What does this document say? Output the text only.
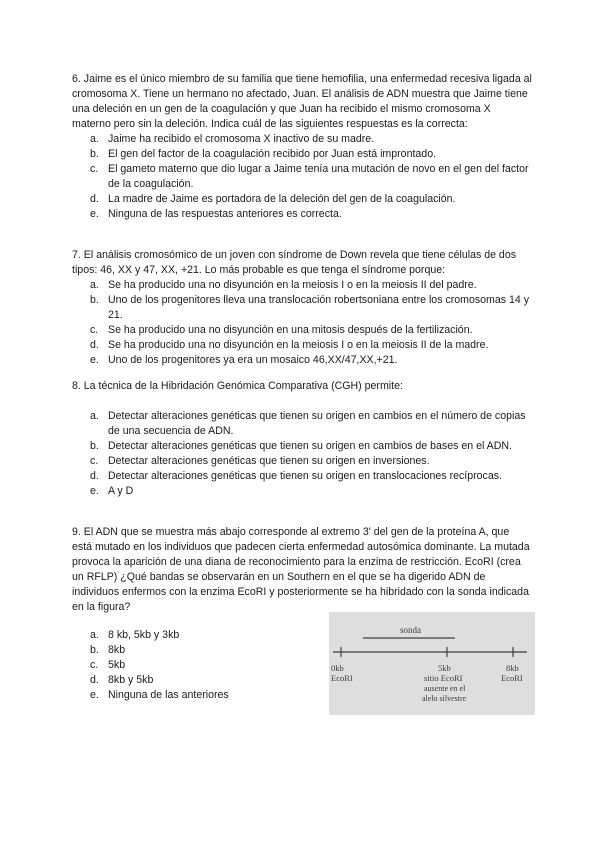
6. Jaime es el único miembro de su familia que tiene hemofilia, una enfermedad recesiva ligada al cromosoma X. Tiene un hermano no afectado, Juan. El análisis de ADN muestra que Jaime tiene una deleción en un gen de la coagulación y que Juan ha recibido el mismo cromosoma X materno pero sin la deleción. Indica cuál de las siguientes respuestas es la correcta:

a. Jaime ha recibido el cromosoma X inactivo de su madre.
b. El gen del factor de la coagulación recibido por Juan está improntado.
c. El gameto materno que dio lugar a Jaime tenía una mutación de novo en el gen del factor de la coagulación.
d. La madre de Jaime es portadora de la deleción del gen de la coagulación.
e. Ninguna de las respuestas anteriores es correcta.

7. El análisis cromosómico de un joven con síndrome de Down revela que tiene células de dos tipos: 46, XX y 47, XX, +21. Lo más probable es que tenga el síndrome porque:

a. Se ha producido una no disyunción en la meiosis I o en la meiosis II del padre.
b. Uno de los progenitores lleva una translocación robertsoniana entre los cromosomas 14 y 21.
c. Se ha producido una no disyunción en una mitosis después de la fertilización.
d. Se ha producido una no disyunción en la meiosis I o en la meiosis II de la madre.
e. Uno de los progenitores ya era un mosaico 46,XX/47,XX,+21.

8. La técnica de la Hibridación Genómica Comparativa (CGH) permite:

a. Detectar alteraciones genéticas que tienen su origen en cambios en el número de copias de una secuencia de ADN.
b. Detectar alteraciones genéticas que tienen su origen en cambios de bases en el ADN.
c. Detectar alteraciones genéticas que tienen su origen en inversiones.
d. Detectar alteraciones genéticas que tienen su origen en translocaciones recíprocas.
e. A y D

9. El ADN que se muestra más abajo corresponde al extremo 3' del gen de la proteína A, que está mutado en los individuos que padecen cierta enfermedad autosómica dominante. La mutada provoca la aparición de una diana de reconocimiento para la enzima de restricción. EcoRI (crea un RFLP) ¿Qué bandas se observarán en un Southern en el que se ha digerido ADN de individuos enfermos con la enzima EcoRI y posteriormente se ha hibridado con la sonda indicada en la figura?

a. 8 kb, 5kb y 3kb
b. 8kb
c. 5kb
d. 8kb y 5kb
e. Ninguna de las anteriores
sonda
0kb
EcoRI
5kb
sitio EcoRI
ausente en el
alelo silvestre
8kb
EcoRI
